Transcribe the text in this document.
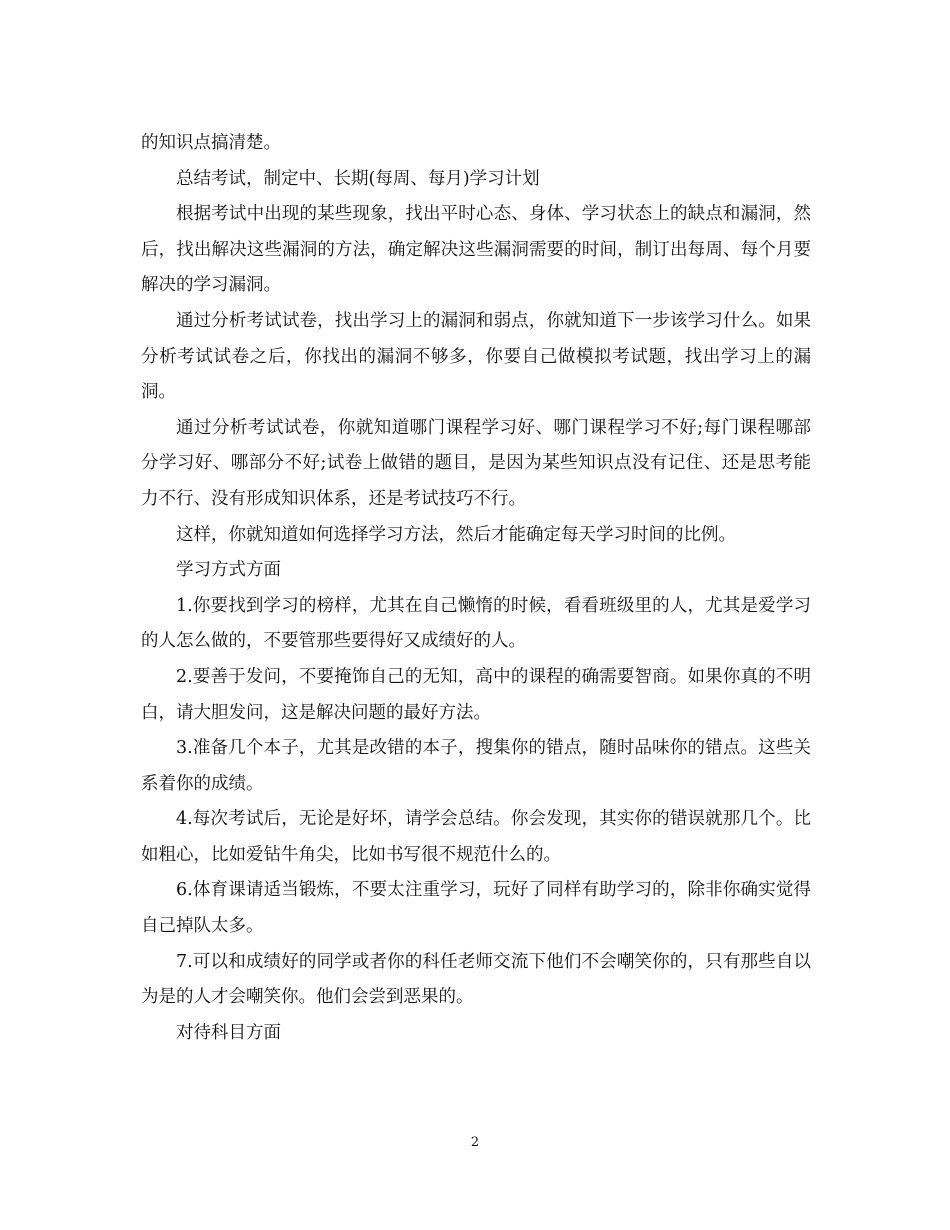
的知识点搞清楚。

总结考试，制定中、长期(每周、每月)学习计划

根据考试中出现的某些现象，找出平时心态、身体、学习状态上的缺点和漏洞，然后，找出解决这些漏洞的方法，确定解决这些漏洞需要的时间，制订出每周、每个月要解决的学习漏洞。

通过分析考试试卷，找出学习上的漏洞和弱点，你就知道下一步该学习什么。如果分析考试试卷之后，你找出的漏洞不够多，你要自己做模拟考试题，找出学习上的漏洞。

通过分析考试试卷，你就知道哪门课程学习好、哪门课程学习不好;每门课程哪部分学习好、哪部分不好;试卷上做错的题目，是因为某些知识点没有记住、还是思考能力不行、没有形成知识体系，还是考试技巧不行。

这样，你就知道如何选择学习方法，然后才能确定每天学习时间的比例。

学习方式方面

1.你要找到学习的榜样，尤其在自己懒惰的时候，看看班级里的人，尤其是爱学习的人怎么做的，不要管那些要得好又成绩好的人。

2.要善于发问，不要掩饰自己的无知，高中的课程的确需要智商。如果你真的不明白，请大胆发问，这是解决问题的最好方法。

3.准备几个本子，尤其是改错的本子，搜集你的错点，随时品味你的错点。这些关系着你的成绩。

4.每次考试后，无论是好坏，请学会总结。你会发现，其实你的错误就那几个。比如粗心，比如爱钻牛角尖，比如书写很不规范什么的。

6.体育课请适当锻炼，不要太注重学习，玩好了同样有助学习的，除非你确实觉得自己掉队太多。

7.可以和成绩好的同学或者你的科任老师交流下他们不会嘲笑你的，只有那些自以为是的人才会嘲笑你。他们会尝到恶果的。

对待科目方面

2
